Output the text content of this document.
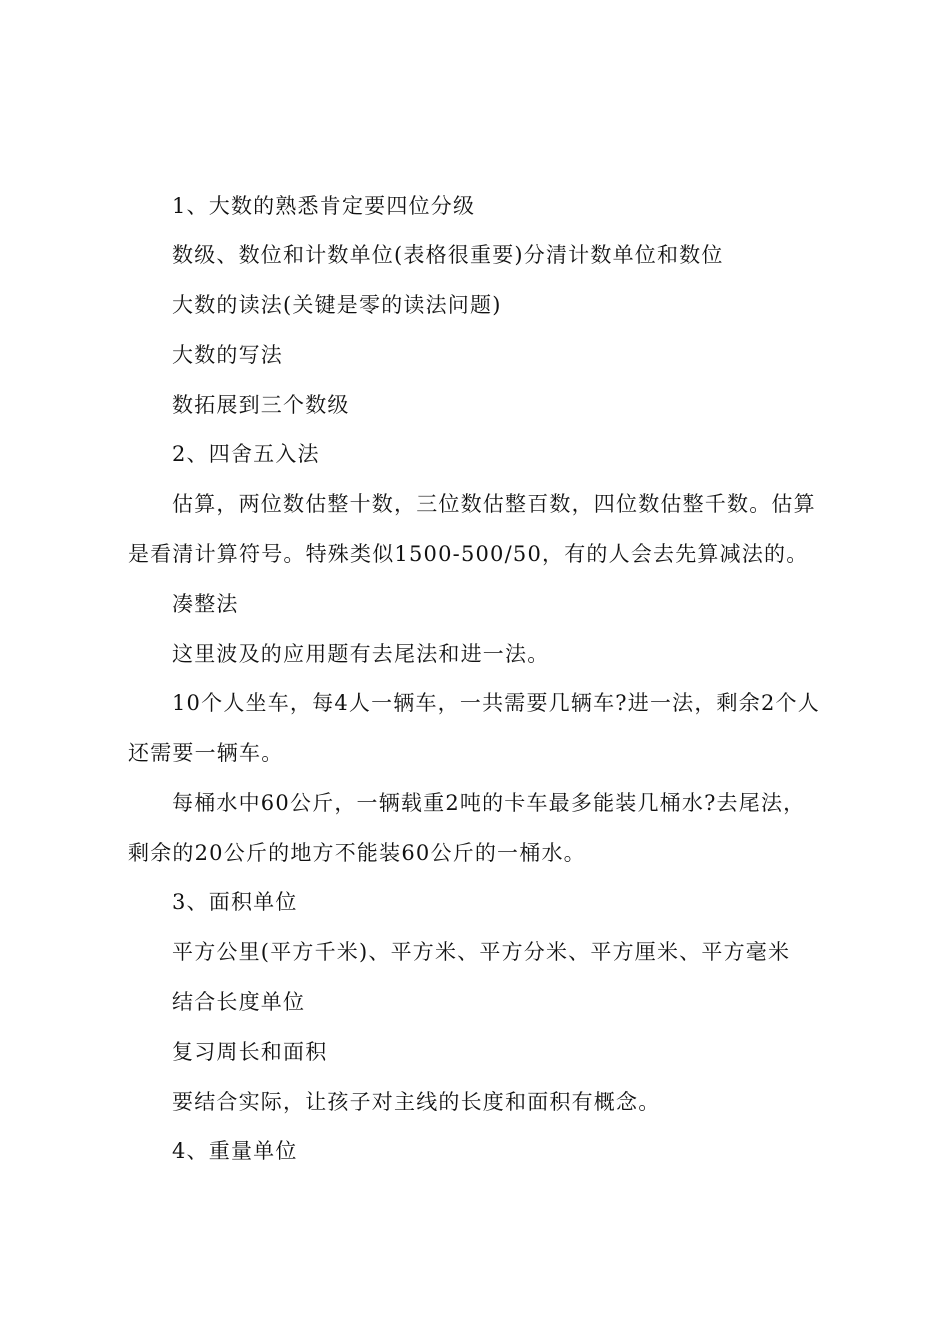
1、大数的熟悉肯定要四位分级
数级、数位和计数单位(表格很重要)分清计数单位和数位
大数的读法(关键是零的读法问题)
大数的写法
数拓展到三个数级
2、四舍五入法
估算，两位数估整十数，三位数估整百数，四位数估整千数。估算
是看清计算符号。特殊类似1500-500/50，有的人会去先算减法的。
凑整法
这里波及的应用题有去尾法和进一法。
10个人坐车，每4人一辆车，一共需要几辆车?进一法，剩余2个人
还需要一辆车。
每桶水中60公斤，一辆载重2吨的卡车最多能装几桶水?去尾法，
剩余的20公斤的地方不能装60公斤的一桶水。
3、面积单位
平方公里(平方千米)、平方米、平方分米、平方厘米、平方毫米
结合长度单位
复习周长和面积
要结合实际，让孩子对主线的长度和面积有概念。
4、重量单位
